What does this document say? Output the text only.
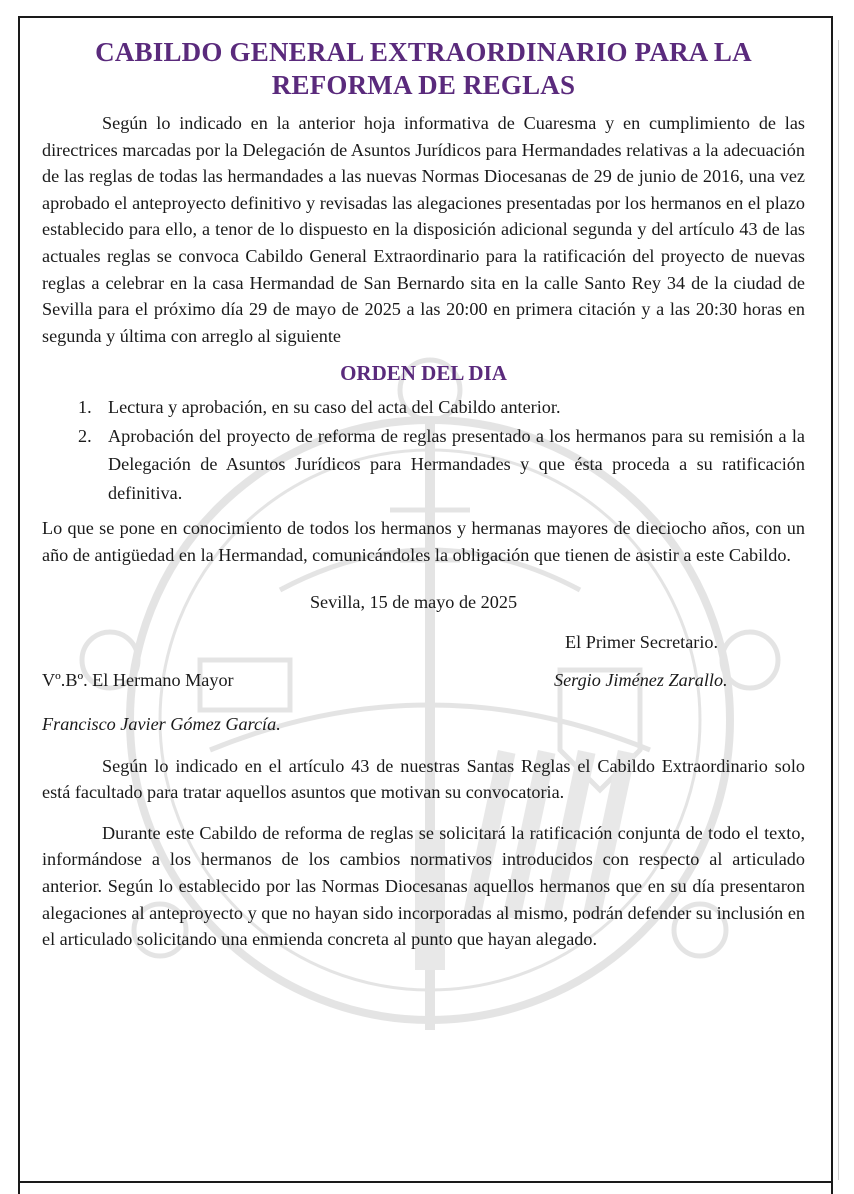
CABILDO GENERAL EXTRAORDINARIO PARA LA REFORMA DE REGLAS

Según lo indicado en la anterior hoja informativa de Cuaresma y en cumplimiento de las directrices marcadas por la Delegación de Asuntos Jurídicos para Hermandades relativas a la adecuación de las reglas de todas las hermandades a las nuevas Normas Diocesanas de 29 de junio de 2016, una vez aprobado el anteproyecto definitivo y revisadas las alegaciones presentadas por los hermanos en el plazo establecido para ello, a tenor de lo dispuesto en la disposición adicional segunda y del artículo 43 de las actuales reglas se convoca Cabildo General Extraordinario para la ratificación del proyecto de nuevas reglas a celebrar en la casa Hermandad de San Bernardo sita en la calle Santo Rey 34 de la ciudad de Sevilla para el próximo día 29 de mayo de 2025 a las 20:00 en primera citación y a las 20:30 horas en segunda y última con arreglo al siguiente

ORDEN DEL DIA
1. Lectura y aprobación, en su caso del acta del Cabildo anterior.
2. Aprobación del proyecto de reforma de reglas presentado a los hermanos para su remisión a la Delegación de Asuntos Jurídicos para Hermandades y que ésta proceda a su ratificación definitiva.

Lo que se pone en conocimiento de todos los hermanos y hermanas mayores de dieciocho años, con un año de antigüedad en la Hermandad, comunicándoles la obligación que tienen de asistir a este Cabildo.

Sevilla, 15 de mayo de 2025
El Primer Secretario.
Vº.Bº. El Hermano Mayor	Sergio Jiménez Zarallo.
Francisco Javier Gómez García.

Según lo indicado en el artículo 43 de nuestras Santas Reglas el Cabildo Extraordinario solo está facultado para tratar aquellos asuntos que motivan su convocatoria.

Durante este Cabildo de reforma de reglas se solicitará la ratificación conjunta de todo el texto, informándose a los hermanos de los cambios normativos introducidos con respecto al articulado anterior. Según lo establecido por las Normas Diocesanas aquellos hermanos que en su día presentaron alegaciones al anteproyecto y que no hayan sido incorporadas al mismo, podrán defender su inclusión en el articulado solicitando una enmienda concreta al punto que hayan alegado.
